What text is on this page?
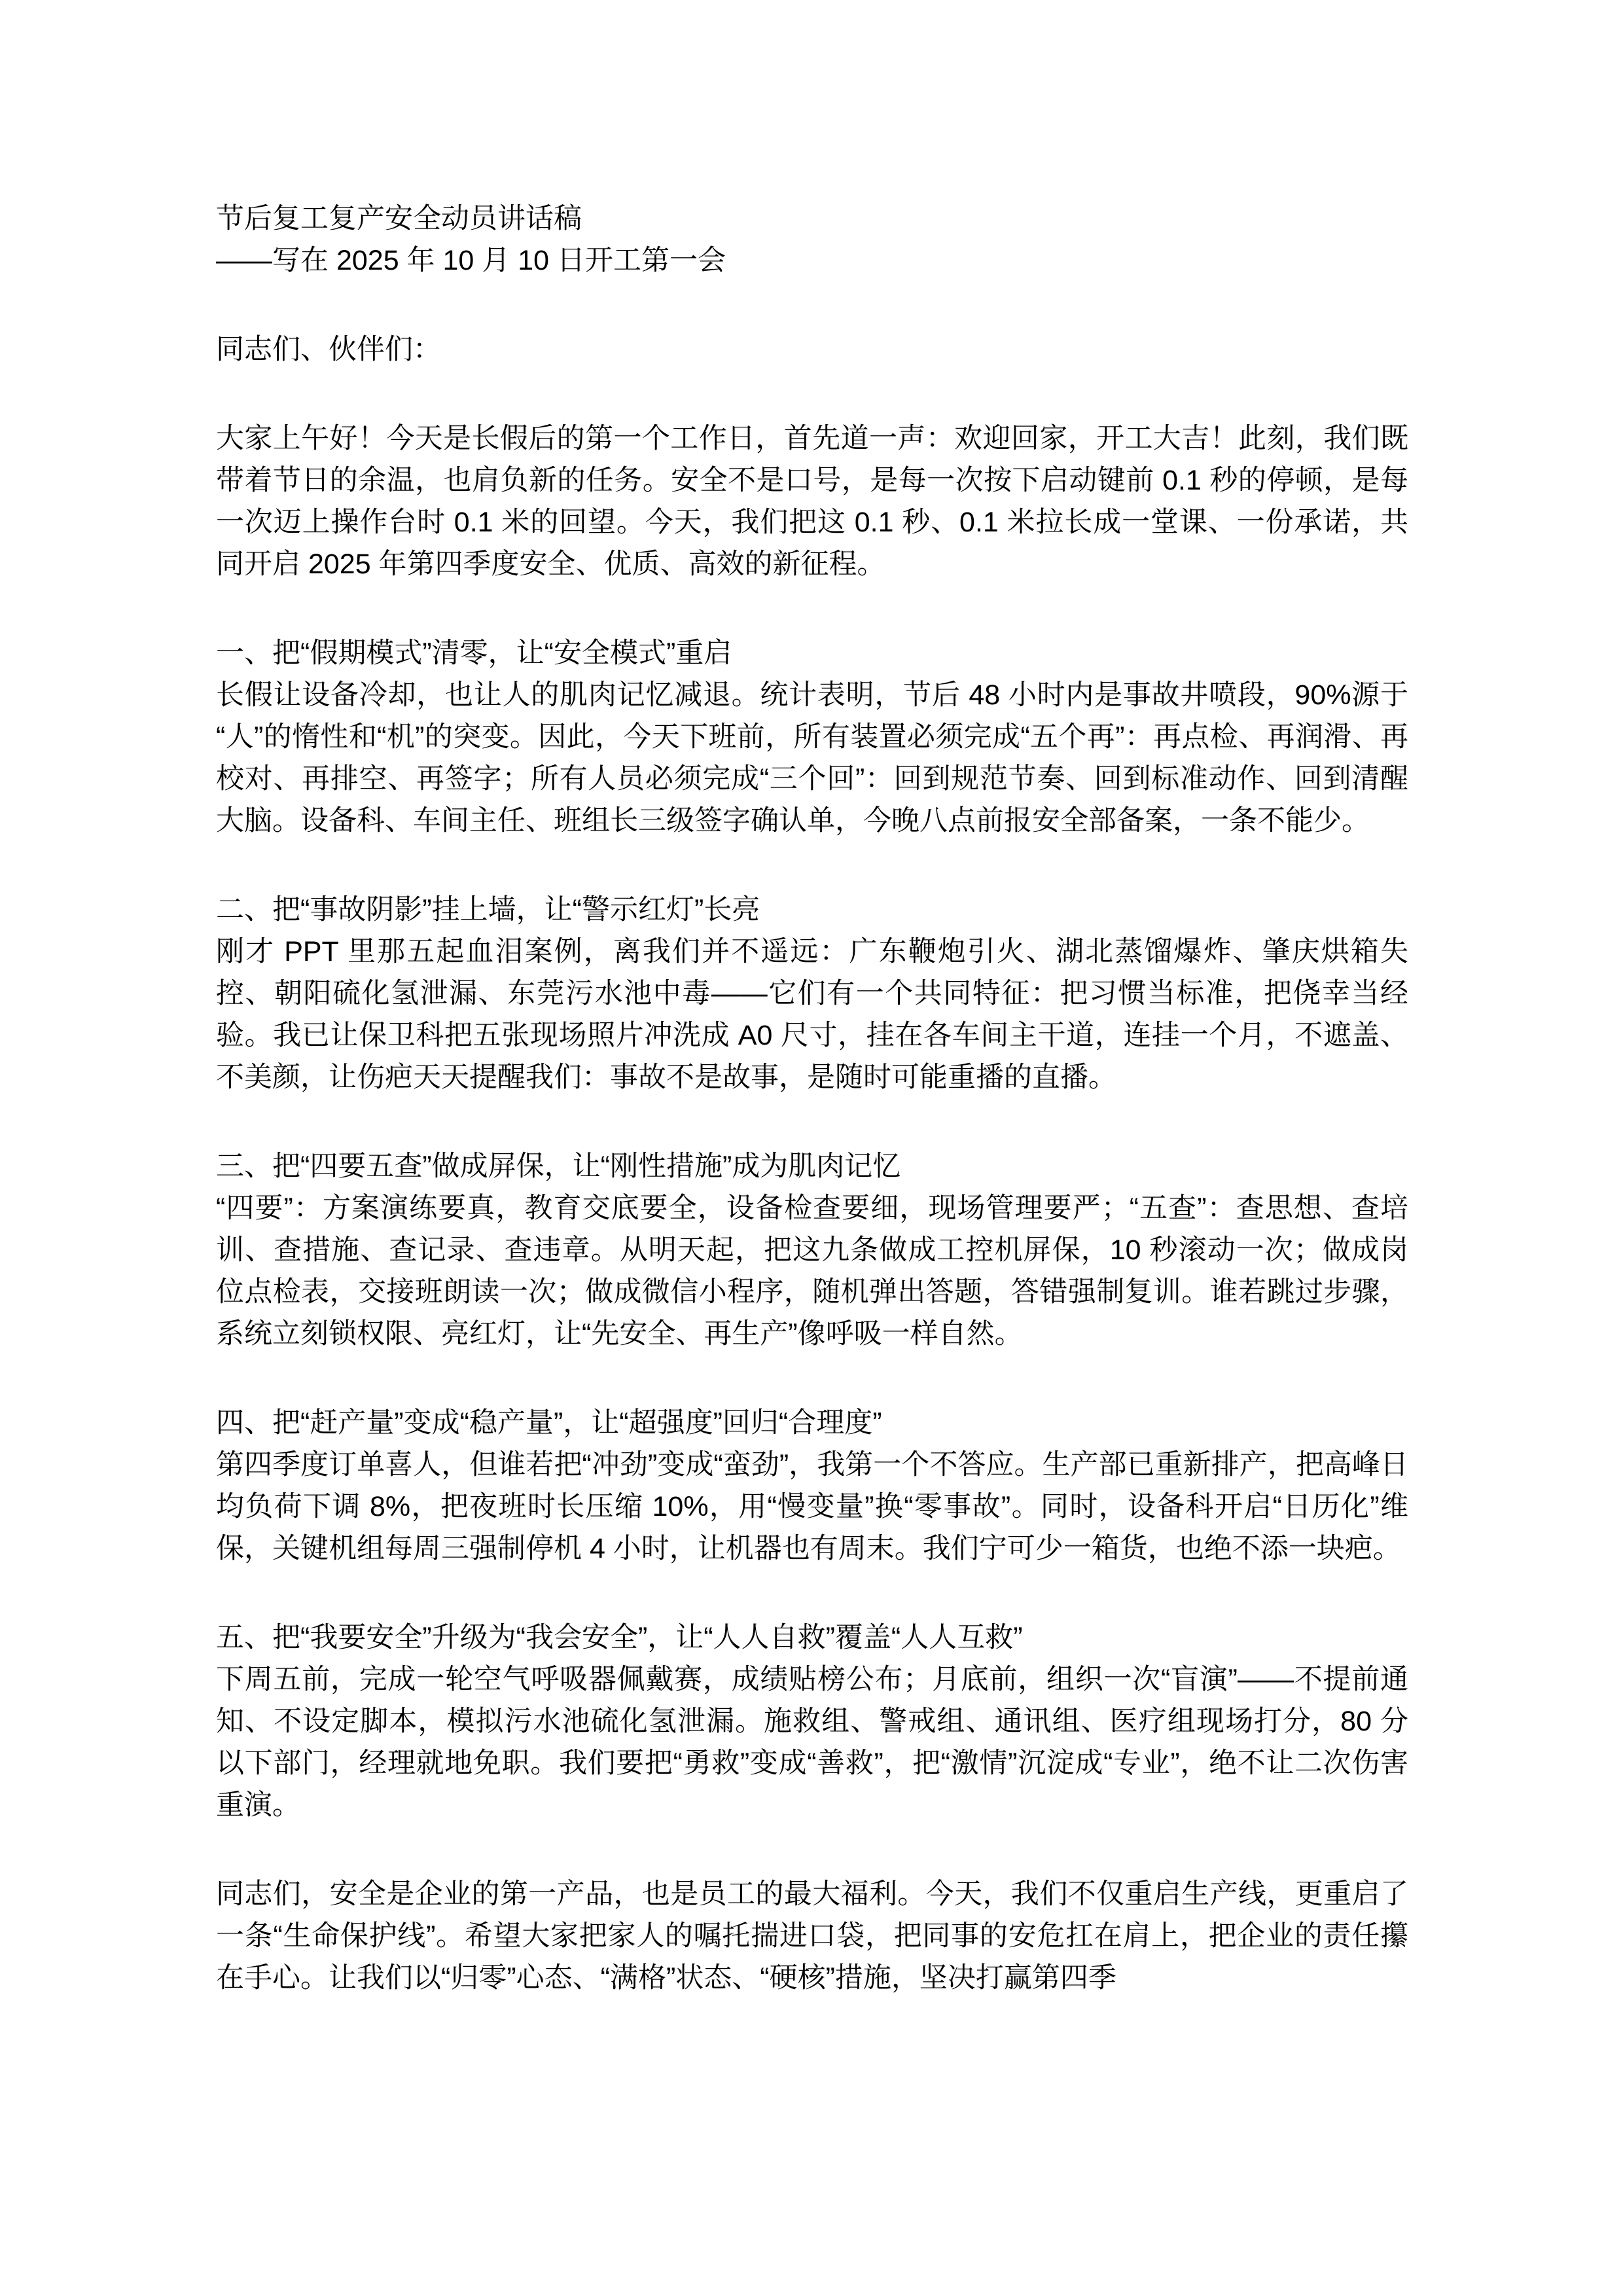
节后复工复产安全动员讲话稿
——写在 2025 年 10 月 10 日开工第一会
同志们、伙伴们：
大家上午好！今天是长假后的第一个工作日，首先道一声：欢迎回家，开工大吉！此刻，我们既带着节日的余温，也肩负新的任务。安全不是口号，是每一次按下启动键前 0.1 秒的停顿，是每一次迈上操作台时 0.1 米的回望。今天，我们把这 0.1 秒、0.1 米拉长成一堂课、一份承诺，共同开启 2025 年第四季度安全、优质、高效的新征程。
一、把“假期模式”清零，让“安全模式”重启
长假让设备冷却，也让人的肌肉记忆减退。统计表明，节后 48 小时内是事故井喷段，90%源于“人”的惰性和“机”的突变。因此，今天下班前，所有装置必须完成“五个再”：再点检、再润滑、再校对、再排空、再签字；所有人员必须完成“三个回”：回到规范节奏、回到标准动作、回到清醒大脑。设备科、车间主任、班组长三级签字确认单，今晚八点前报安全部备案，一条不能少。
二、把“事故阴影”挂上墙，让“警示红灯”长亮
刚才 PPT 里那五起血泪案例，离我们并不遥远：广东鞭炮引火、湖北蒸馏爆炸、肇庆烘箱失控、朝阳硫化氢泄漏、东莞污水池中毒——它们有一个共同特征：把习惯当标准，把侥幸当经验。我已让保卫科把五张现场照片冲洗成 A0 尺寸，挂在各车间主干道，连挂一个月，不遮盖、不美颜，让伤疤天天提醒我们：事故不是故事，是随时可能重播的直播。
三、把“四要五查”做成屏保，让“刚性措施”成为肌肉记忆
“四要”：方案演练要真，教育交底要全，设备检查要细，现场管理要严；“五查”：查思想、查培训、查措施、查记录、查违章。从明天起，把这九条做成工控机屏保，10 秒滚动一次；做成岗位点检表，交接班朗读一次；做成微信小程序，随机弹出答题，答错强制复训。谁若跳过步骤，系统立刻锁权限、亮红灯，让“先安全、再生产”像呼吸一样自然。
四、把“赶产量”变成“稳产量”，让“超强度”回归“合理度”
第四季度订单喜人，但谁若把“冲劲”变成“蛮劲”，我第一个不答应。生产部已重新排产，把高峰日均负荷下调 8%，把夜班时长压缩 10%，用“慢变量”换“零事故”。同时，设备科开启“日历化”维保，关键机组每周三强制停机 4 小时，让机器也有周末。我们宁可少一箱货，也绝不添一块疤。
五、把“我要安全”升级为“我会安全”，让“人人自救”覆盖“人人互救”
下周五前，完成一轮空气呼吸器佩戴赛，成绩贴榜公布；月底前，组织一次“盲演”——不提前通知、不设定脚本，模拟污水池硫化氢泄漏。施救组、警戒组、通讯组、医疗组现场打分，80 分以下部门，经理就地免职。我们要把“勇救”变成“善救”，把“激情”沉淀成“专业”，绝不让二次伤害重演。
同志们，安全是企业的第一产品，也是员工的最大福利。今天，我们不仅重启生产线，更重启了一条“生命保护线”。希望大家把家人的嘱托揣进口袋，把同事的安危扛在肩上，把企业的责任攥在手心。让我们以“归零”心态、“满格”状态、“硬核”措施，坚决打赢第四季
